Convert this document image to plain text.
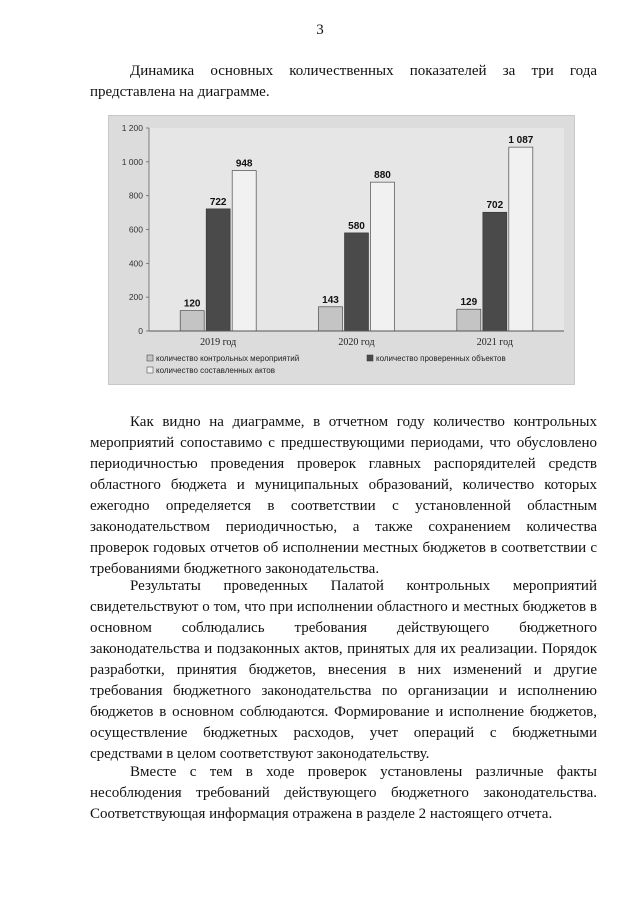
3

Динамика основных количественных показателей за три года представлена на диаграмме.

0
200
400
600
800
1 000
1 200
120
722
948
2019 год
143
580
880
2020 год
129
702
1 087
2021 год
количество контрольных мероприятий	количество проверенных объектов
количество составленных актов

Как видно на диаграмме, в отчетном году количество контрольных мероприятий сопоставимо с предшествующими периодами, что обусловлено периодичностью проведения проверок главных распорядителей средств областного бюджета и муниципальных образований, количество которых ежегодно определяется в соответствии с установленной областным законодательством периодичностью, а также сохранением количества проверок годовых отчетов об исполнении местных бюджетов в соответствии с требованиями бюджетного законодательства.

Результаты проведенных Палатой контрольных мероприятий свидетельствуют о том, что при исполнении областного и местных бюджетов в основном соблюдались требования действующего бюджетного законодательства и подзаконных актов, принятых для их реализации. Порядок разработки, принятия бюджетов, внесения в них изменений и другие требования бюджетного законодательства по организации и исполнению бюджетов в основном соблюдаются. Формирование и исполнение бюджетов, осуществление бюджетных расходов, учет операций с бюджетными средствами в целом соответствуют законодательству.

Вместе с тем в ходе проверок установлены различные факты несоблюдения требований действующего бюджетного законодательства. Соответствующая информация отражена в разделе 2 настоящего отчета.
